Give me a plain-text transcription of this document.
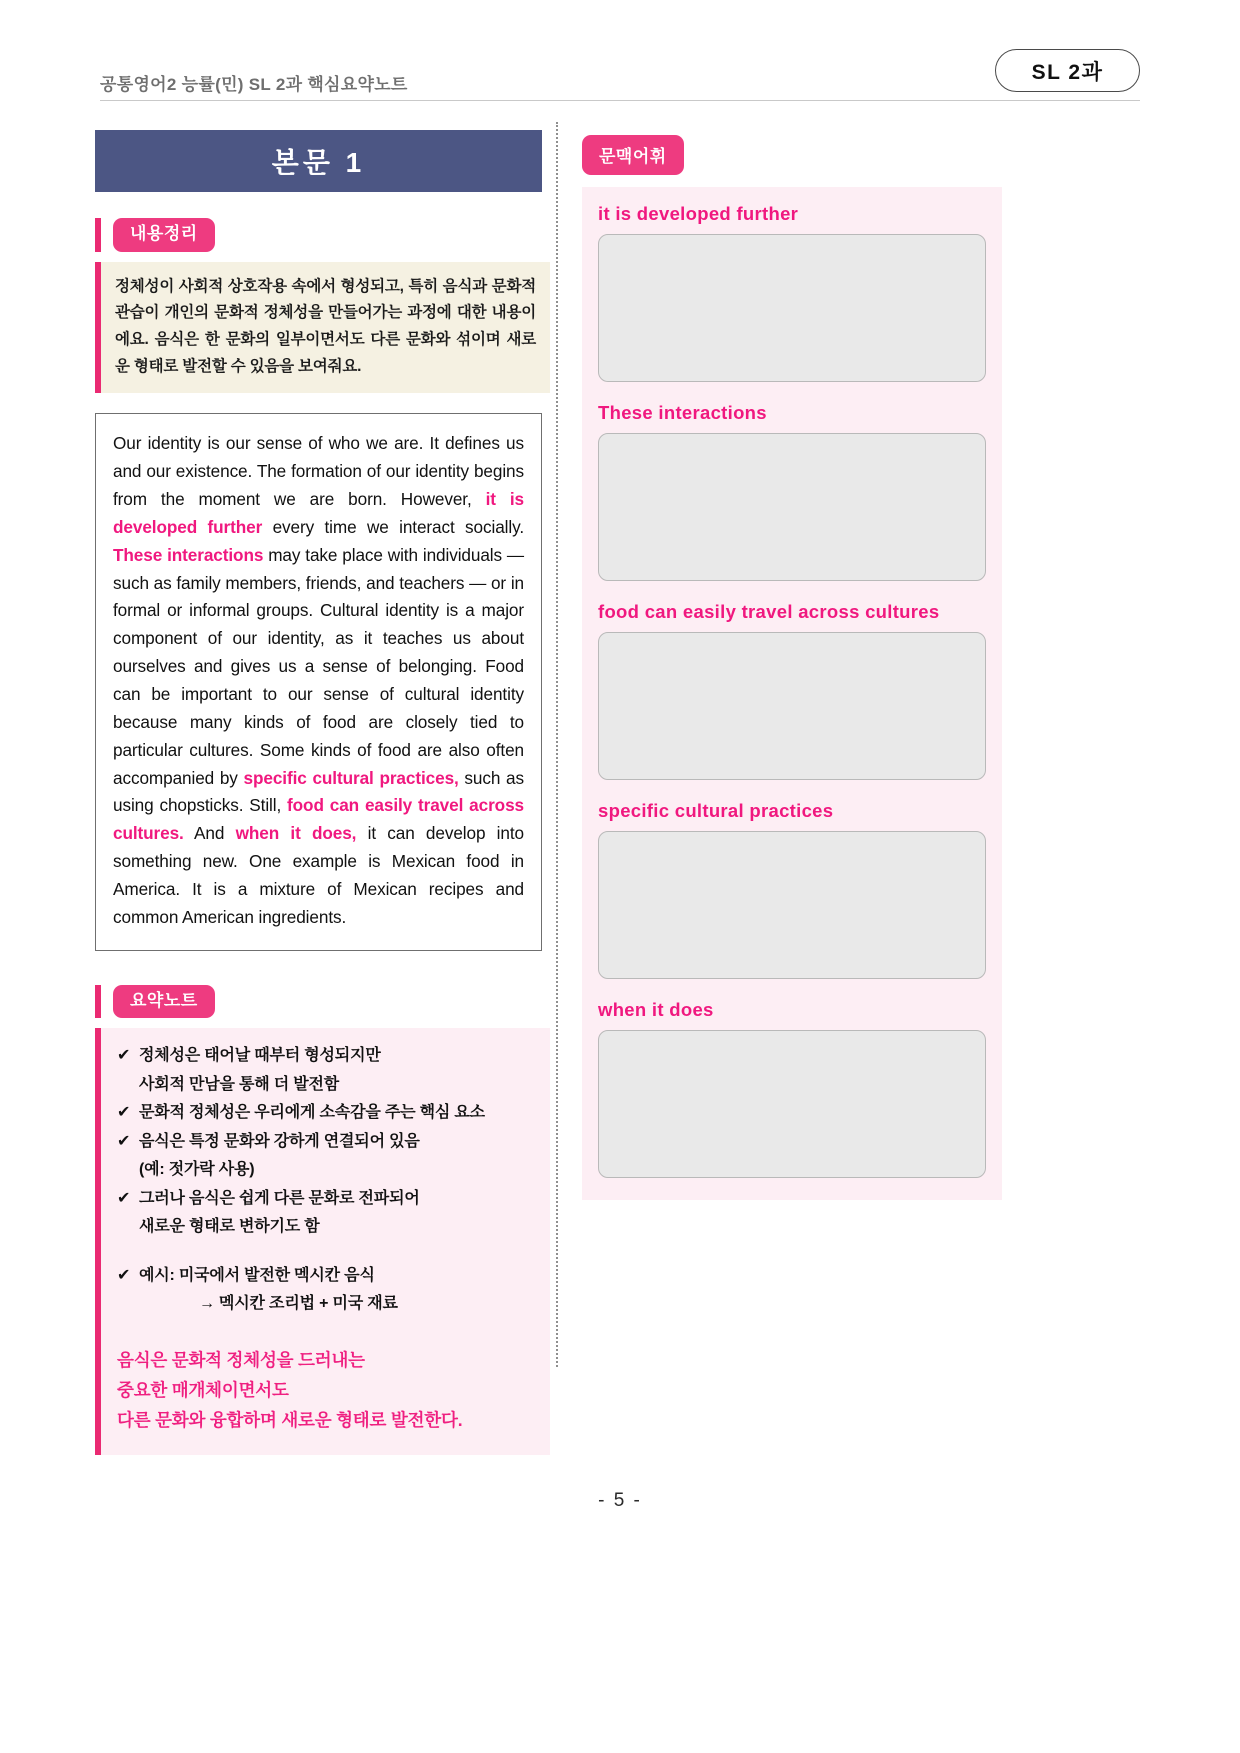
공통영어2 능률(민) SL 2과 핵심요약노트
SL 2과
본문 1
내용정리
정체성이 사회적 상호작용 속에서 형성되고, 특히 음식과 문화적 관습이 개인의 문화적 정체성을 만들어가는 과정에 대한 내용이에요. 음식은 한 문화의 일부이면서도 다른 문화와 섞이며 새로운 형태로 발전할 수 있음을 보여줘요.
Our identity is our sense of who we are. It defines us and our existence. The formation of our identity begins from the moment we are born. However, it is developed further every time we interact socially. These interactions may take place with individuals — such as family members, friends, and teachers — or in formal or informal groups. Cultural identity is a major component of our identity, as it teaches us about ourselves and gives us a sense of belonging. Food can be important to our sense of cultural identity because many kinds of food are closely tied to particular cultures. Some kinds of food are also often accompanied by specific cultural practices, such as using chopsticks. Still, food can easily travel across cultures. And when it does, it can develop into something new. One example is Mexican food in America. It is a mixture of Mexican recipes and common American ingredients.
요약노트
✔ 정체성은 태어날 때부터 형성되지만
사회적 만남을 통해 더 발전함
✔ 문화적 정체성은 우리에게 소속감을 주는 핵심 요소
✔ 음식은 특정 문화와 강하게 연결되어 있음
(예: 젓가락 사용)
✔ 그러나 음식은 쉽게 다른 문화로 전파되어
새로운 형태로 변하기도 함
✔ 예시: 미국에서 발전한 멕시칸 음식
→ 멕시칸 조리법 + 미국 재료
음식은 문화적 정체성을 드러내는
중요한 매개체이면서도
다른 문화와 융합하며 새로운 형태로 발전한다.
문맥어휘
it is developed further
These interactions
food can easily travel across cultures
specific cultural practices
when it does
- 5 -
